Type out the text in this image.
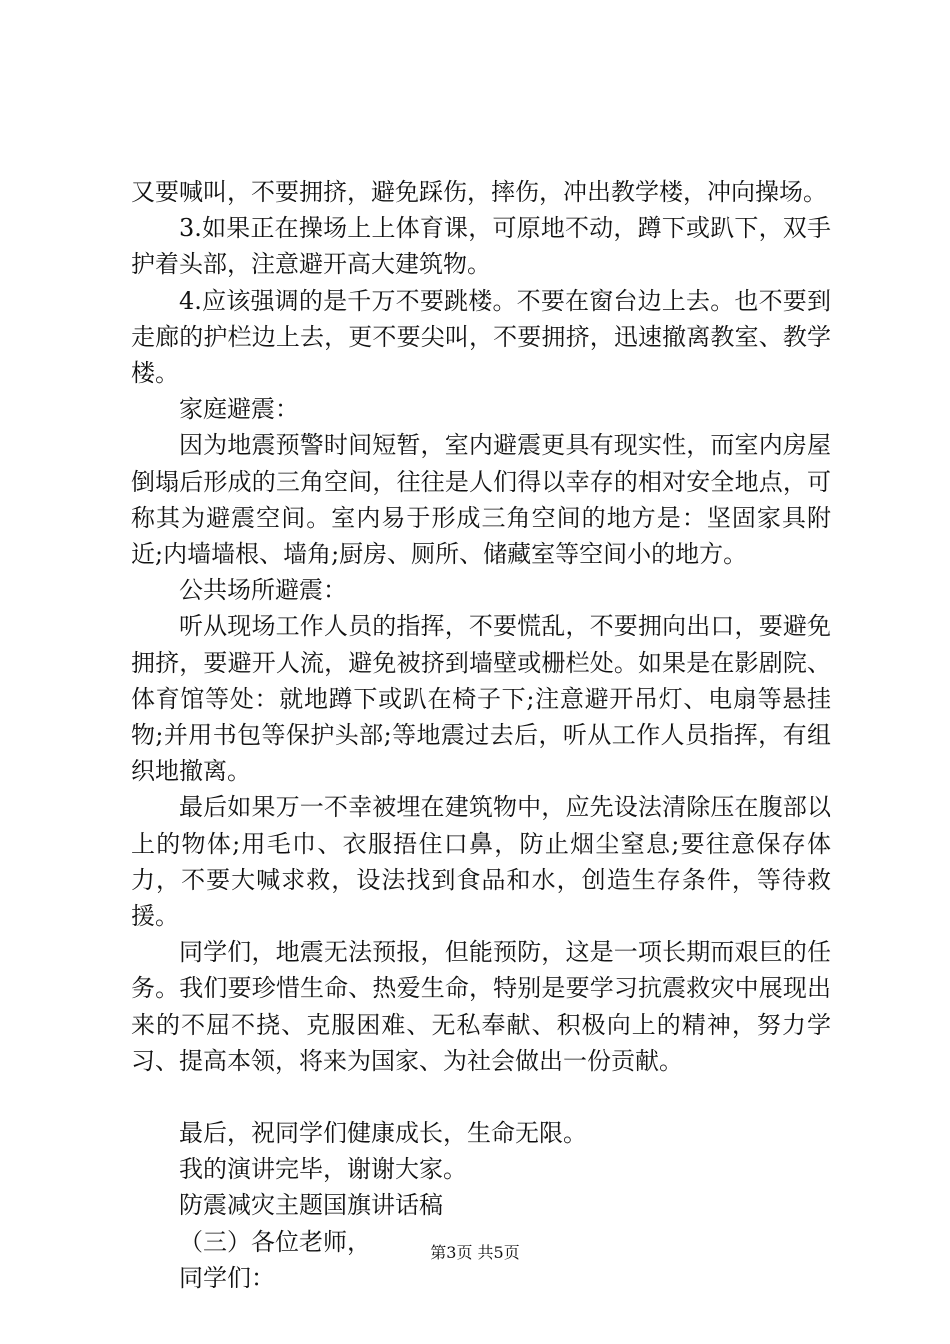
又要喊叫，不要拥挤，避免踩伤，摔伤，冲出教学楼，冲向操场。

3.如果正在操场上上体育课，可原地不动，蹲下或趴下，双手护着头部，注意避开高大建筑物。

4.应该强调的是千万不要跳楼。不要在窗台边上去。也不要到走廊的护栏边上去，更不要尖叫，不要拥挤，迅速撤离教室、教学楼。

家庭避震：

因为地震预警时间短暂，室内避震更具有现实性，而室内房屋倒塌后形成的三角空间，往往是人们得以幸存的相对安全地点，可称其为避震空间。室内易于形成三角空间的地方是：坚固家具附近;内墙墙根、墙角;厨房、厕所、储藏室等空间小的地方。

公共场所避震：

听从现场工作人员的指挥，不要慌乱，不要拥向出口，要避免拥挤，要避开人流，避免被挤到墙壁或栅栏处。如果是在影剧院、体育馆等处：就地蹲下或趴在椅子下;注意避开吊灯、电扇等悬挂物;并用书包等保护头部;等地震过去后，听从工作人员指挥，有组织地撤离。

最后如果万一不幸被埋在建筑物中，应先设法清除压在腹部以上的物体;用毛巾、衣服捂住口鼻，防止烟尘窒息;要往意保存体力，不要大喊求救，设法找到食品和水，创造生存条件，等待救援。

同学们，地震无法预报，但能预防，这是一项长期而艰巨的任务。我们要珍惜生命、热爱生命，特别是要学习抗震救灾中展现出来的不屈不挠、克服困难、无私奉献、积极向上的精神，努力学习、提高本领，将来为国家、为社会做出一份贡献。

最后，祝同学们健康成长，生命无限。

我的演讲完毕，谢谢大家。

防震减灾主题国旗讲话稿

（三）各位老师，

同学们：

第3页 共5页
